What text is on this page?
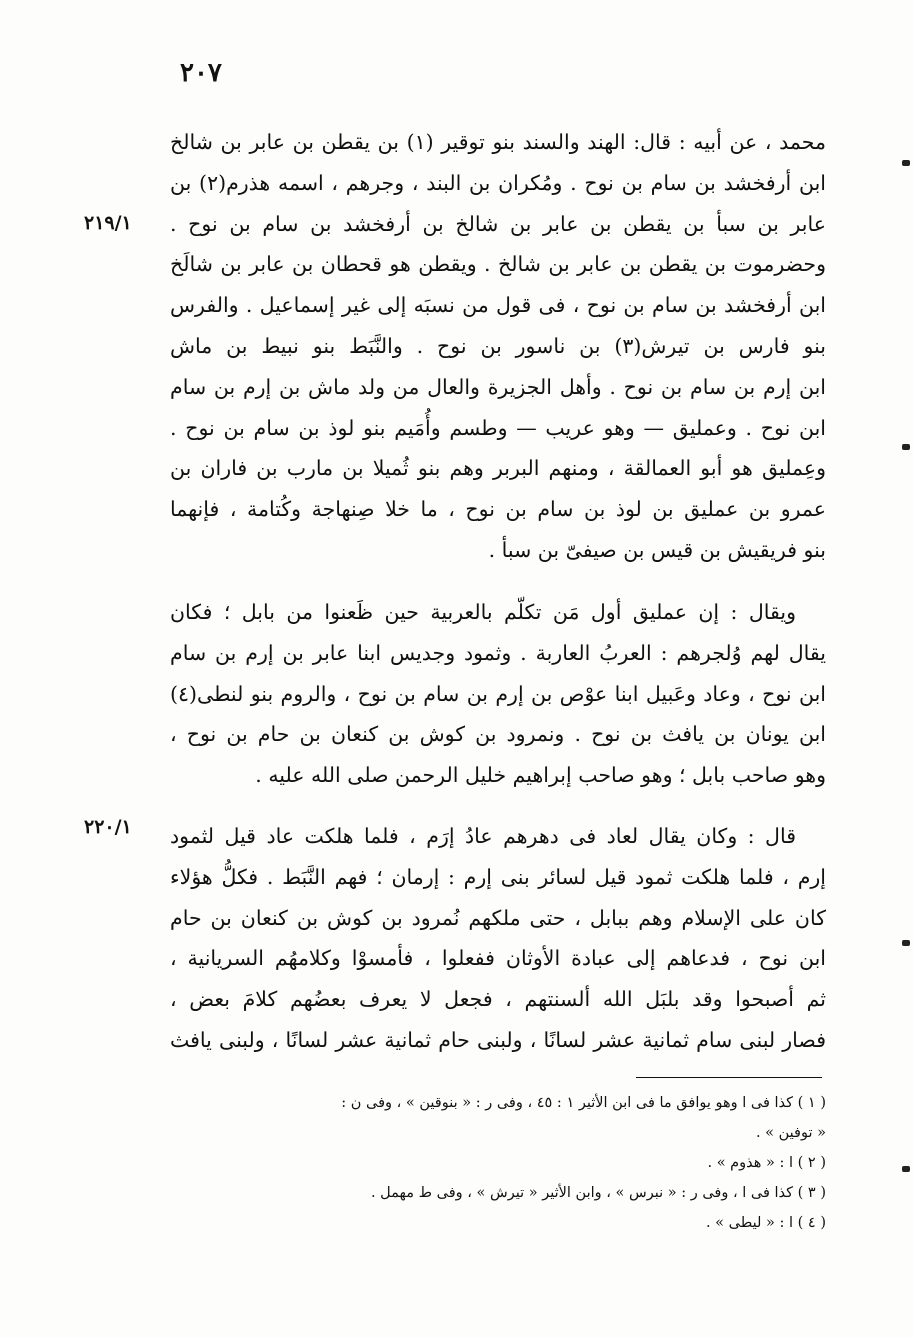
٢٠٧
٢١٩/١
٢٢٠/١
محمد ، عن أبيه : قال: الهند والسند بنو توقير (١) بن يقطن بن عابر بن شالخ
ابن أرفخشد بن سام بن نوح . ومُكران بن البند ، وجرهم ، اسمه هذرم(٢) بن
عابر بن سبأ بن يقطن بن عابر بن شالخ بن أرفخشد بن سام بن نوح .
وحضرموت بن يقطن بن عابر بن شالخ . ويقطن هو قحطان بن عابر بن شالَخ
ابن أرفخشد بن سام بن نوح ، فى قول من نسبَه إلى غير إسماعيل . والفرس
بنو فارس بن تيرش(٣) بن ناسور بن نوح . والنَّبَط بنو نبيط بن ماش
ابن إرم بن سام بن نوح . وأهل الجزيرة والعال من ولد ماش بن إرم بن سام
ابن نوح . وعمليق — وهو عريب — وطسم وأُمَيم بنو لوذ بن سام بن نوح .
وعِمليق هو أبو العمالقة ، ومنهم البربر وهم بنو ثُميلا بن مارب بن فاران بن
عمرو بن عمليق بن لوذ بن سام بن نوح ، ما خلا صِنهاجة وكُتامة ، فإنهما
بنو فريقيش بن قيس بن صيفىّ بن سبأ .
ويقال : إن عمليق أول مَن تكلّم بالعربية حين ظَعنوا من بابل ؛ فكان
يقال لهم وُلجرهم : العربُ العاربة . وثمود وجديس ابنا عابر بن إرم بن سام
ابن نوح ، وعاد وعَبيل ابنا عوْص بن إرم بن سام بن نوح ، والروم بنو لنطى(٤)
ابن يونان بن يافث بن نوح . ونمرود بن كوش بن كنعان بن حام بن نوح ،
وهو صاحب بابل ؛ وهو صاحب إبراهيم خليل الرحمن صلى الله عليه .
قال : وكان يقال لعاد فى دهرهم عادُ إرَم ، فلما هلكت عاد قيل لثمود
إرم ، فلما هلكت ثمود قيل لسائر بنى إرم : إرمان ؛ فهم النَّبَط . فكلُّ هؤلاء
كان على الإسلام وهم ببابل ، حتى ملكهم نُمرود بن كوش بن كنعان بن حام
ابن نوح ، فدعاهم إلى عبادة الأوثان ففعلوا ، فأمسوْا وكلامهُم السريانية ،
ثم أصبحوا وقد بلبَل الله ألسنتهم ، فجعل لا يعرف بعضُهم كلامَ بعض ،
فصار لبنى سام ثمانية عشر لسانًا ، ولبنى حام ثمانية عشر لسانًا ، ولبنى يافث
( ١ ) كذا فى ا وهو يوافق ما فى ابن الأثير ١ : ٤٥ ، وفى ر : « بنوقين » ، وفى ن :
« توفين » .
( ٢ ) ا : « هذوم » .
( ٣ ) كذا فى ا ، وفى ر : « نبرس » ، وابن الأثير « تيرش » ، وفى ط مهمل .
( ٤ ) ا : « ليطى » .
